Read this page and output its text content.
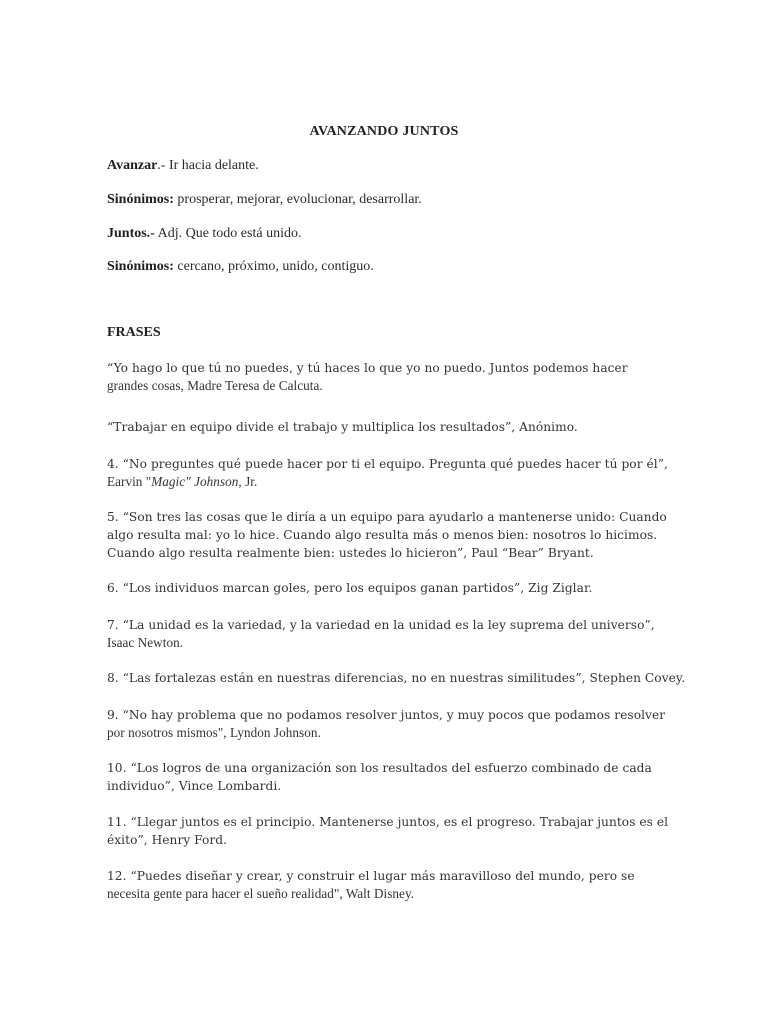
AVANZANDO JUNTOS
Avanzar.- Ir hacia delante.
Sinónimos: prosperar, mejorar, evolucionar, desarrollar.
Juntos.- Adj. Que todo está unido.
Sinónimos: cercano, próximo, unido, contiguo.
FRASES
“Yo hago lo que tú no puedes, y tú haces lo que yo no puedo. Juntos podemos hacer
grandes cosas, Madre Teresa de Calcuta.
“Trabajar en equipo divide el trabajo y multiplica los resultados”, Anónimo.
4. “No preguntes qué puede hacer por ti el equipo. Pregunta qué puedes hacer tú por él”,
Earvin "Magic" Johnson, Jr.
5. “Son tres las cosas que le diría a un equipo para ayudarlo a mantenerse unido: Cuando
algo resulta mal: yo lo hice. Cuando algo resulta más o menos bien: nosotros lo hicimos.
Cuando algo resulta realmente bien: ustedes lo hicieron”, Paul “Bear” Bryant.
6. “Los individuos marcan goles, pero los equipos ganan partidos”, Zig Ziglar.
7. “La unidad es la variedad, y la variedad en la unidad es la ley suprema del universo”,
Isaac Newton.
8. “Las fortalezas están en nuestras diferencias, no en nuestras similitudes”, Stephen Covey.
9. “No hay problema que no podamos resolver juntos, y muy pocos que podamos resolver
por nosotros mismos", Lyndon Johnson.
10. “Los logros de una organización son los resultados del esfuerzo combinado de cada
individuo”, Vince Lombardi.
11. “Llegar juntos es el principio. Mantenerse juntos, es el progreso. Trabajar juntos es el
éxito”, Henry Ford.
12. “Puedes diseñar y crear, y construir el lugar más maravilloso del mundo, pero se
necesita gente para hacer el sueño realidad", Walt Disney.
